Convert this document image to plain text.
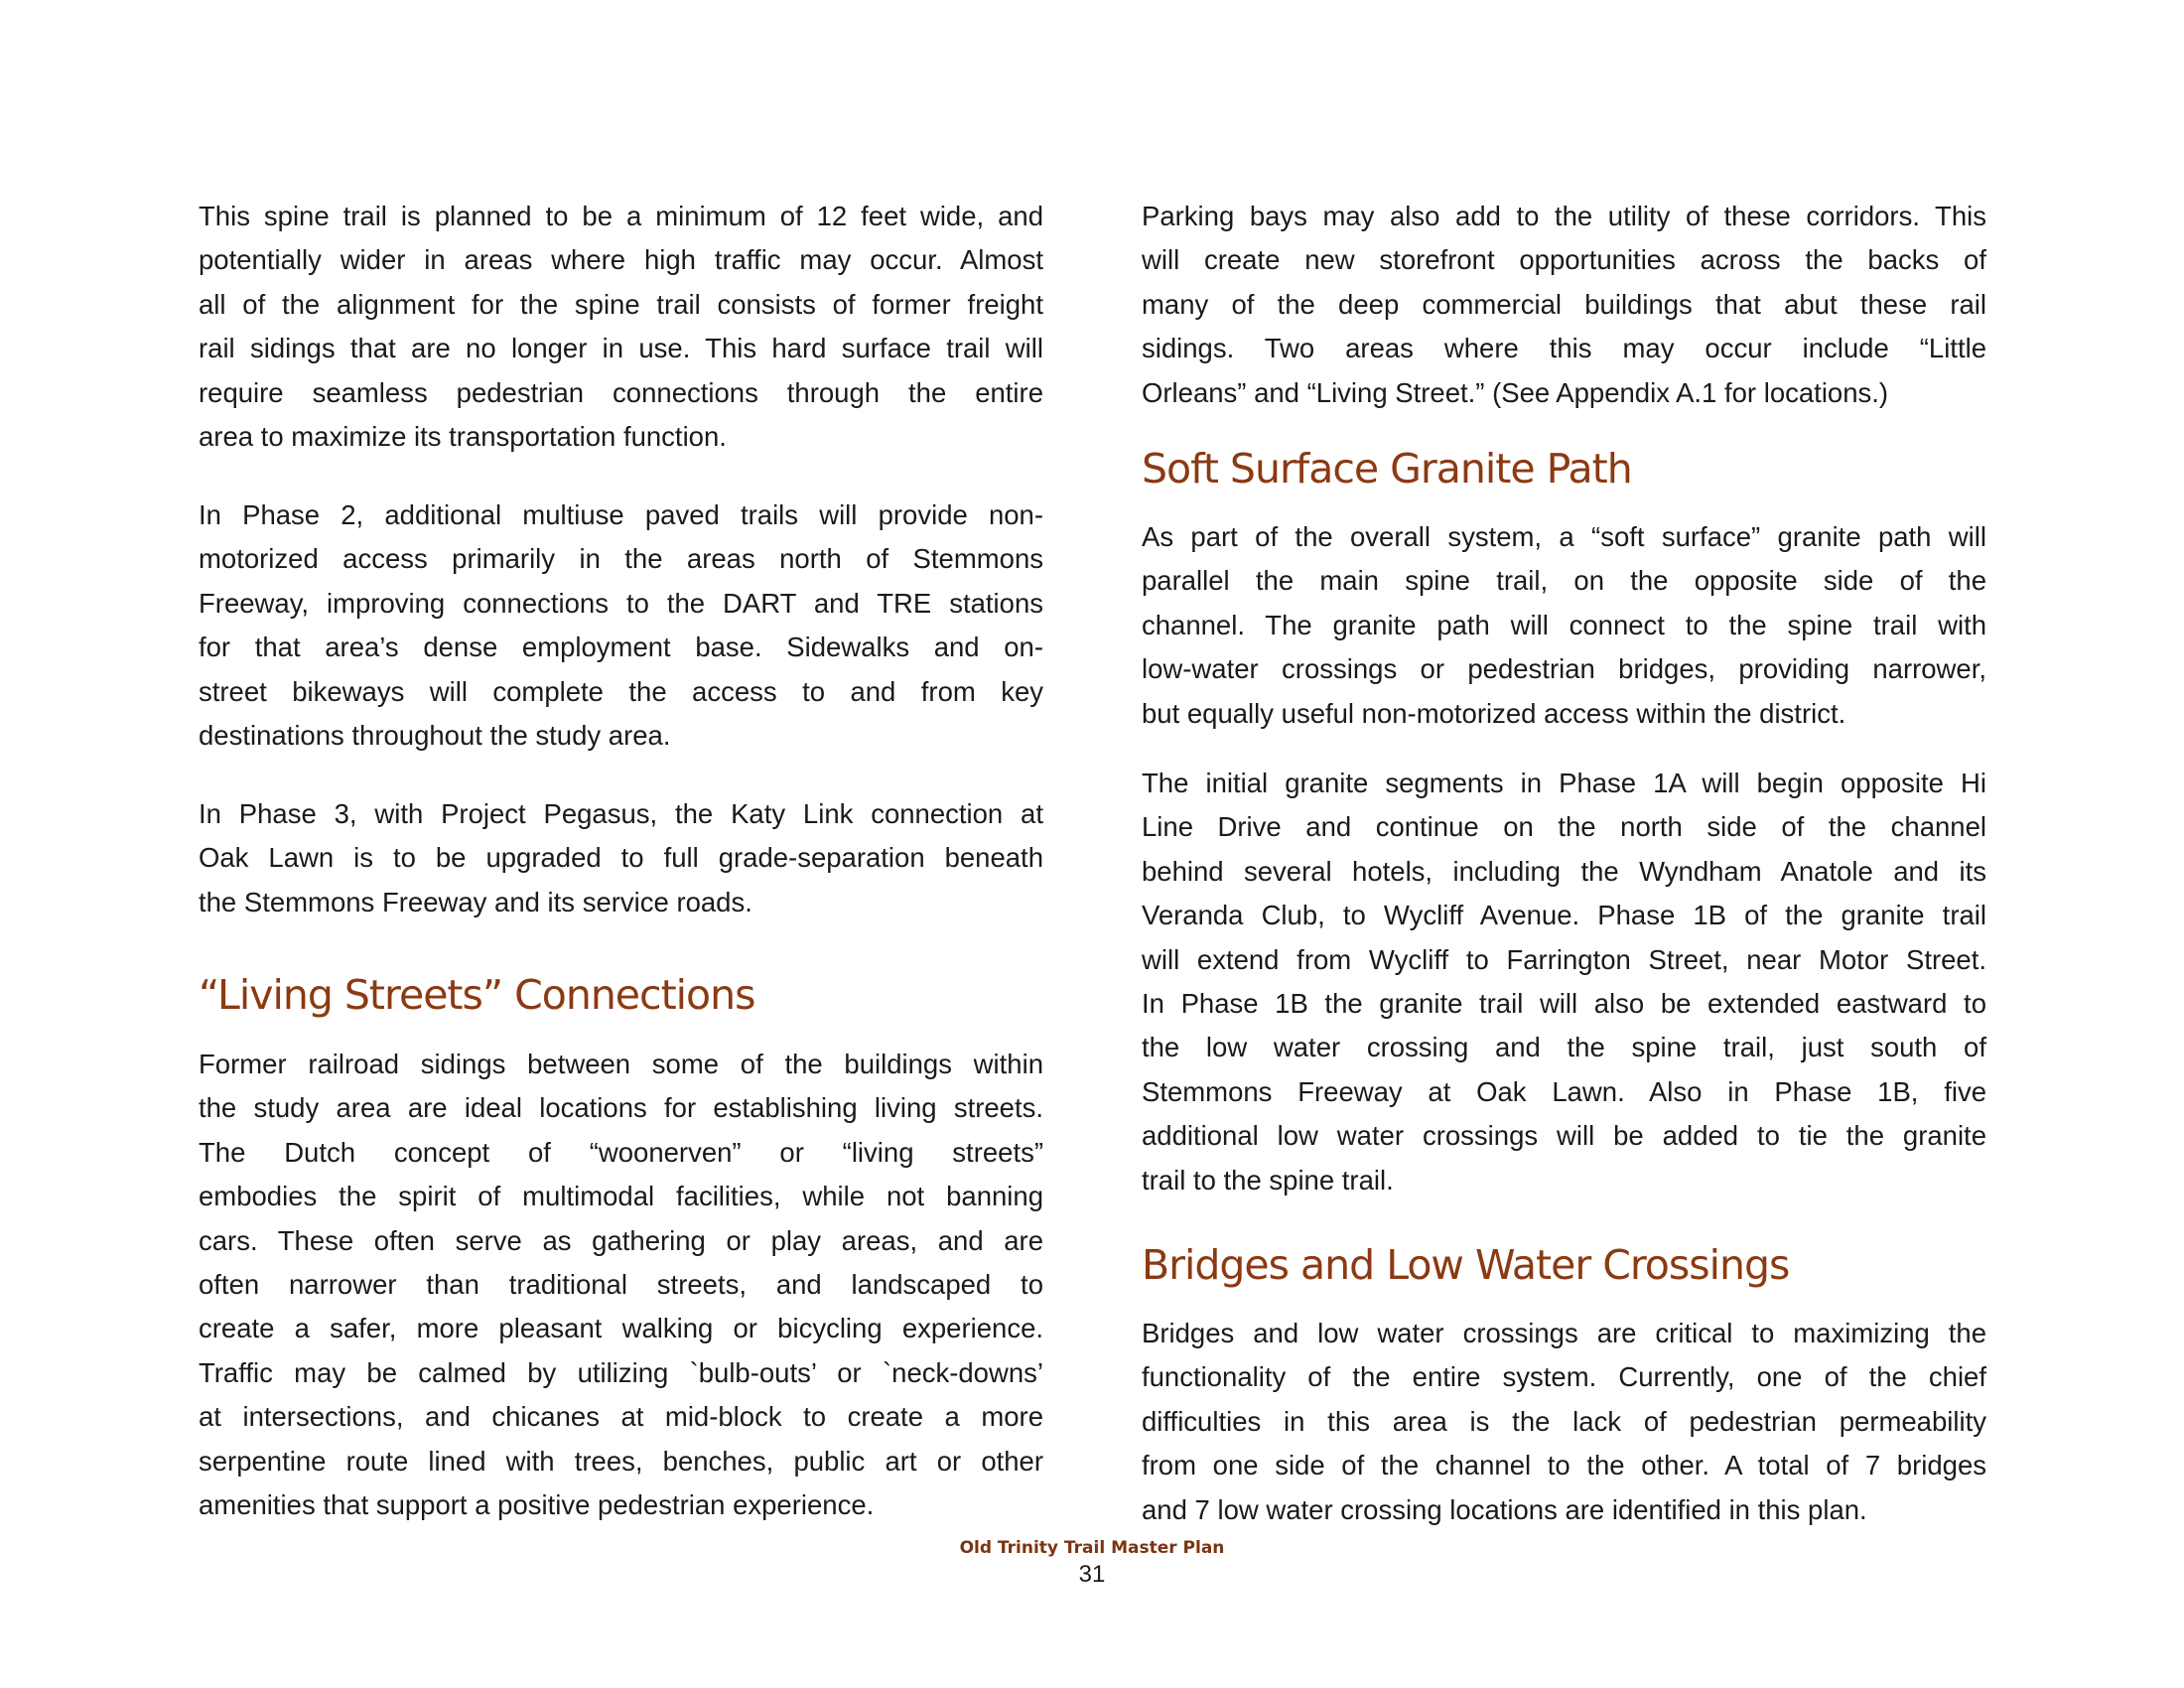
This spine trail is planned to be a minimum of 12 feet wide, and
potentially wider in areas where high traffic may occur. Almost
all of the alignment for the spine trail consists of former freight
rail sidings that are no longer in use. This hard surface trail will
require seamless pedestrian connections through the entire
area to maximize its transportation function.
In Phase 2, additional multiuse paved trails will provide non-
motorized access primarily in the areas north of Stemmons
Freeway, improving connections to the DART and TRE stations
for that area’s dense employment base. Sidewalks and on-
street bikeways will complete the access to and from key
destinations throughout the study area.
In Phase 3, with Project Pegasus, the Katy Link connection at
Oak Lawn is to be upgraded to full grade-separation beneath
the Stemmons Freeway and its service roads.
“Living Streets” Connections
Former railroad sidings between some of the buildings within
the study area are ideal locations for establishing living streets.
The Dutch concept of “woonerven” or “living streets”
embodies the spirit of multimodal facilities, while not banning
cars. These often serve as gathering or play areas, and are
often narrower than traditional streets, and landscaped to
create a safer, more pleasant walking or bicycling experience.
Traffic may be calmed by utilizing `bulb-outs’ or `neck-downs’
at intersections, and chicanes at mid-block to create a more
serpentine route lined with trees, benches, public art or other
amenities that support a positive pedestrian experience.
Parking bays may also add to the utility of these corridors. This
will create new storefront opportunities across the backs of
many of the deep commercial buildings that abut these rail
sidings. Two areas where this may occur include “Little
Orleans” and “Living Street.” (See Appendix A.1 for locations.)
Soft Surface Granite Path
As part of the overall system, a “soft surface” granite path will
parallel the main spine trail, on the opposite side of the
channel. The granite path will connect to the spine trail with
low-water crossings or pedestrian bridges, providing narrower,
but equally useful non-motorized access within the district.
The initial granite segments in Phase 1A will begin opposite Hi
Line Drive and continue on the north side of the channel
behind several hotels, including the Wyndham Anatole and its
Veranda Club, to Wycliff Avenue. Phase 1B of the granite trail
will extend from Wycliff to Farrington Street, near Motor Street.
In Phase 1B the granite trail will also be extended eastward to
the low water crossing and the spine trail, just south of
Stemmons Freeway at Oak Lawn. Also in Phase 1B, five
additional low water crossings will be added to tie the granite
trail to the spine trail.
Bridges and Low Water Crossings
Bridges and low water crossings are critical to maximizing the
functionality of the entire system. Currently, one of the chief
difficulties in this area is the lack of pedestrian permeability
from one side of the channel to the other. A total of 7 bridges
and 7 low water crossing locations are identified in this plan.
Old Trinity Trail Master Plan
31
